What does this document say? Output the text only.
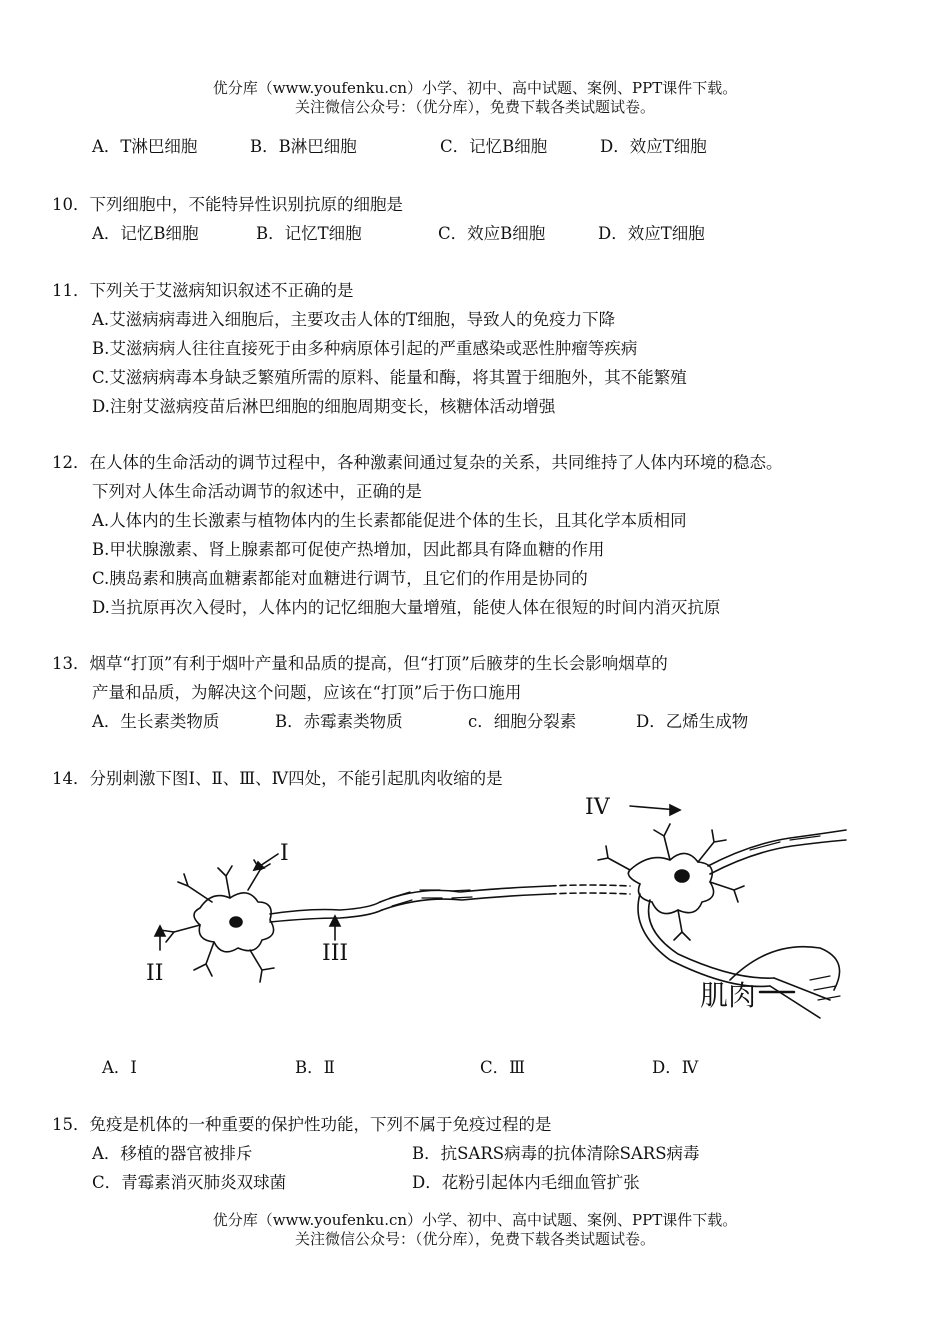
优分库（www.youfenku.cn）小学、初中、高中试题、案例、PPT课件下载。
关注微信公众号：（优分库），免费下载各类试题试卷。
A．T淋巴细胞	B．B淋巴细胞	C．记忆B细胞	D．效应T细胞
10．下列细胞中，不能特异性识别抗原的细胞是
A．记忆B细胞	B．记忆T细胞	C．效应B细胞	D．效应T细胞
11．下列关于艾滋病知识叙述不正确的是
A.艾滋病病毒进入细胞后，主要攻击人体的T细胞，导致人的免疫力下降
B.艾滋病病人往往直接死于由多种病原体引起的严重感染或恶性肿瘤等疾病
C.艾滋病病毒本身缺乏繁殖所需的原料、能量和酶，将其置于细胞外，其不能繁殖
D.注射艾滋病疫苗后淋巴细胞的细胞周期变长，核糖体活动增强
12．在人体的生命活动的调节过程中，各种激素间通过复杂的关系，共同维持了人体内环境的稳态。
下列对人体生命活动调节的叙述中，正确的是
A.人体内的生长激素与植物体内的生长素都能促进个体的生长，且其化学本质相同
B.甲状腺激素、肾上腺素都可促使产热增加，因此都具有降血糖的作用
C.胰岛素和胰高血糖素都能对血糖进行调节，且它们的作用是协同的
D.当抗原再次入侵时，人体内的记忆细胞大量增殖，能使人体在很短的时间内消灭抗原
13．烟草“打顶”有利于烟叶产量和品质的提高，但“打顶”后腋芽的生长会影响烟草的
产量和品质，为解决这个问题，应该在“打顶”后于伤口施用
A．生长素类物质	B．赤霉素类物质	c．细胞分裂素	D．乙烯生成物
14．分别刺激下图Ⅰ、Ⅱ、Ⅲ、Ⅳ四处，不能引起肌肉收缩的是
I
II
III
IV
肌肉
A．Ⅰ	B．Ⅱ	C．Ⅲ	D．Ⅳ
15．免疫是机体的一种重要的保护性功能，下列不属于免疫过程的是
A．移植的器官被排斥	B．抗SARS病毒的抗体清除SARS病毒
C．青霉素消灭肺炎双球菌	D．花粉引起体内毛细血管扩张
优分库（www.youfenku.cn）小学、初中、高中试题、案例、PPT课件下载。
关注微信公众号：（优分库），免费下载各类试题试卷。
